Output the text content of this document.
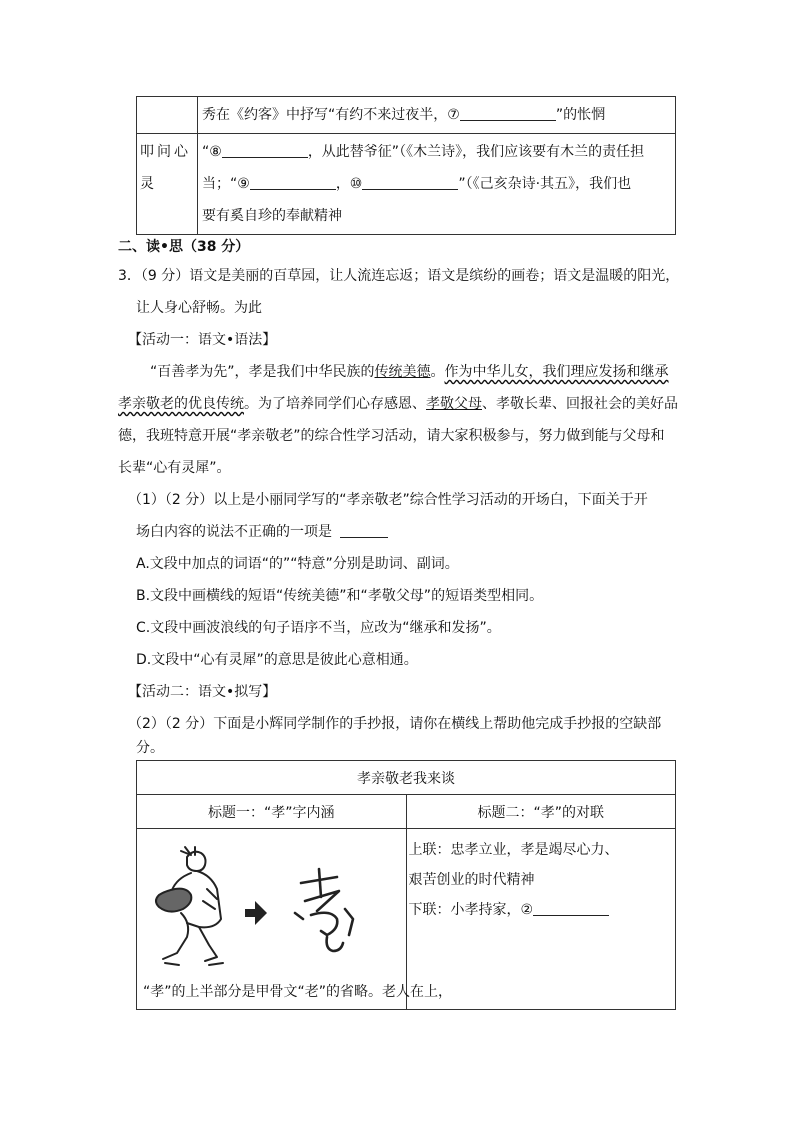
	秀在《约客》中抒写“有约不来过夜半，⑦ ”的怅惘
叩问心灵	“⑧ ，从此替爷征”（《木兰诗》，我们应该要有木兰的责任担
当；“⑨ ，⑩ ”（《己亥杂诗·其五》，我们也
要有奚自珍的奉献精神
二、读•思（38 分）
3．（9 分）语文是美丽的百草园，让人流连忘返；语文是缤纷的画卷；语文是温暖的阳光，
让人身心舒畅。为此
【活动一：语文•语法】
“百善孝为先”，孝是我们中华民族的传统美德。作为中华儿女，我们理应发扬和继承
孝亲敬老的优良传统。为了培养同学们心存感恩、孝敬父母、孝敬长辈、回报社会的美好品
德，我班特意开展“孝亲敬老”的综合性学习活动，请大家积极参与，努力做到能与父母和
长辈“心有灵犀”。
（1）（2 分）以上是小丽同学写的“孝亲敬老”综合性学习活动的开场白，下面关于开
场白内容的说法不正确的一项是
A.文段中加点的词语“的”“特意”分别是助词、副词。
B.文段中画横线的短语“传统美德”和“孝敬父母”的短语类型相同。
C.文段中画波浪线的句子语序不当，应改为“继承和发扬”。
D.文段中“心有灵犀”的意思是彼此心意相通。
【活动二：语文•拟写】
（2）（2 分）下面是小辉同学制作的手抄报，请你在横线上帮助他完成手抄报的空缺部
分。
孝亲敬老我来谈	
标题一：“孝”字内涵	标题二：“孝”的对联

“孝”的上半部分是甲骨文“老”的省略。老人在上，	上联：忠孝立业，孝是竭尽心力、
艰苦创业的时代精神
下联：小孝持家，②
